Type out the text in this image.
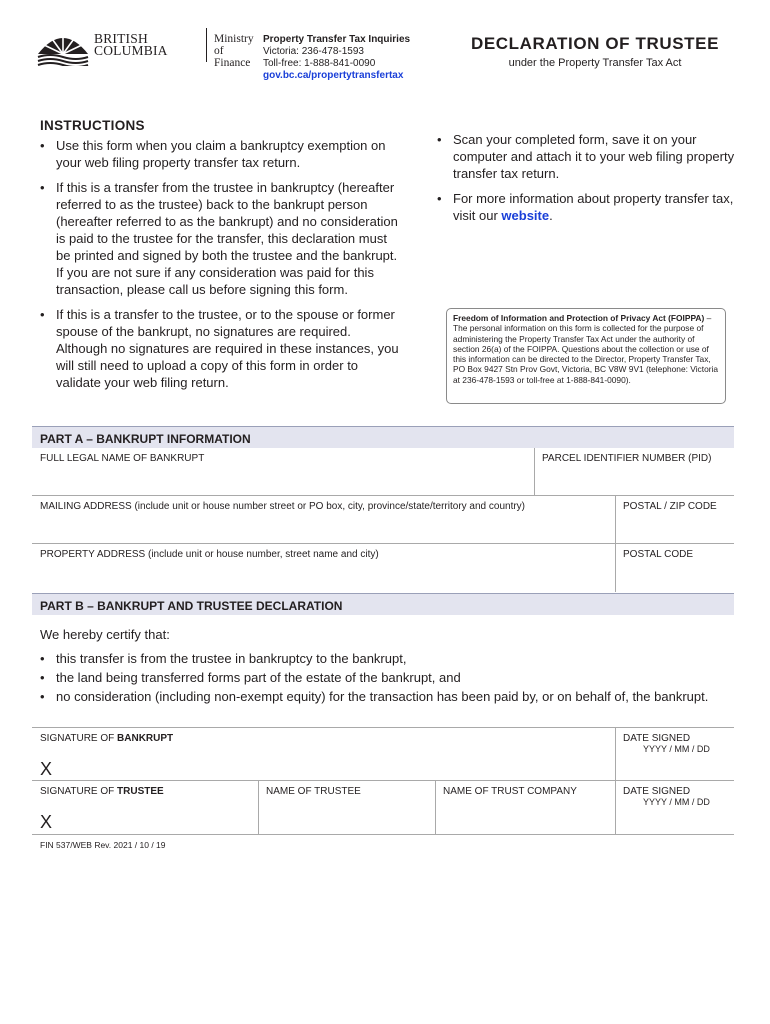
BRITISH
COLUMBIA
Ministry of
Finance
Property Transfer Tax Inquiries
Victoria: 236-478-1593
Toll-free: 1-888-841-0090
gov.bc.ca/propertytransfertax
DECLARATION OF TRUSTEE
under the Property Transfer Tax Act
INSTRUCTIONS
• Use this form when you claim a bankruptcy exemption on your web filing property transfer tax return.
• If this is a transfer from the trustee in bankruptcy (hereafter referred to as the trustee) back to the bankrupt person (hereafter referred to as the bankrupt) and no consideration is paid to the trustee for the transfer, this declaration must be printed and signed by both the trustee and the bankrupt. If you are not sure if any consideration was paid for this transaction, please call us before signing this form.
• If this is a transfer to the trustee, or to the spouse or former spouse of the bankrupt, no signatures are required. Although no signatures are required in these instances, you will still need to upload a copy of this form in order to validate your web filing return.
• Scan your completed form, save it on your computer and attach it to your web filing property transfer tax return.
• For more information about property transfer tax, visit our website.
Freedom of Information and Protection of Privacy Act (FOIPPA) – The personal information on this form is collected for the purpose of administering the Property Transfer Tax Act under the authority of section 26(a) of the FOIPPA. Questions about the collection or use of this information can be directed to the Director, Property Transfer Tax, PO Box 9427 Stn Prov Govt, Victoria, BC V8W 9V1 (telephone: Victoria at 236-478-1593 or toll-free at 1-888-841-0090).
PART A – BANKRUPT INFORMATION
FULL LEGAL NAME OF BANKRUPT	PARCEL IDENTIFIER NUMBER (PID)
MAILING ADDRESS (include unit or house number street or PO box, city, province/state/territory and country)	POSTAL / ZIP CODE
PROPERTY ADDRESS (include unit or house number, street name and city)	POSTAL CODE
PART B – BANKRUPT AND TRUSTEE DECLARATION
We hereby certify that:
• this transfer is from the trustee in bankruptcy to the bankrupt,
• the land being transferred forms part of the estate of the bankrupt, and
• no consideration (including non-exempt equity) for the transaction has been paid by, or on behalf of, the bankrupt.
SIGNATURE OF BANKRUPT
X
DATE SIGNED
YYYY / MM / DD
SIGNATURE OF TRUSTEE
X
NAME OF TRUSTEE	NAME OF TRUST COMPANY	DATE SIGNED
YYYY / MM / DD
FIN 537/WEB Rev. 2021 / 10 / 19
